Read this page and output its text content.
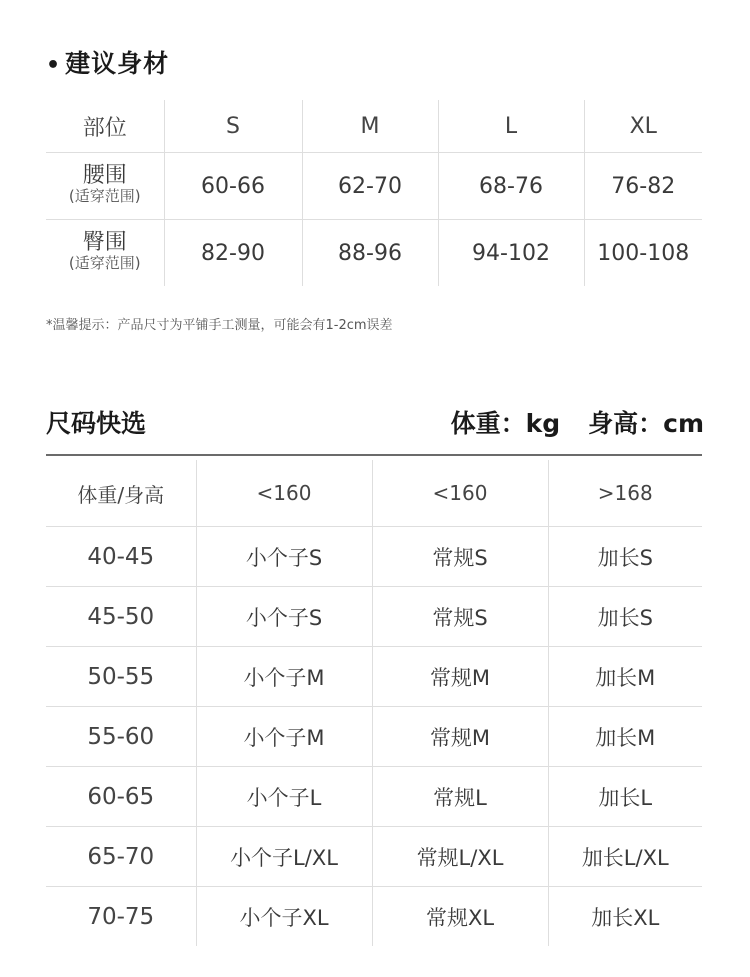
• 建议身材
部位	S	M	L	XL
腰围
(适穿范围)	60-66	62-70	68-76	76-82
臀围
(适穿范围)	82-90	88-96	94-102	100-108
*温馨提示：产品尺寸为平铺手工测量，可能会有1-2cm误差
尺码快选	体重：kg 身高：cm
体重/身高	<160	<160	>168
40-45	小个子S	常规S	加长S
45-50	小个子S	常规S	加长S
50-55	小个子M	常规M	加长M
55-60	小个子M	常规M	加长M
60-65	小个子L	常规L	加长L
65-70	小个子L/XL	常规L/XL	加长L/XL
70-75	小个子XL	常规XL	加长XL
